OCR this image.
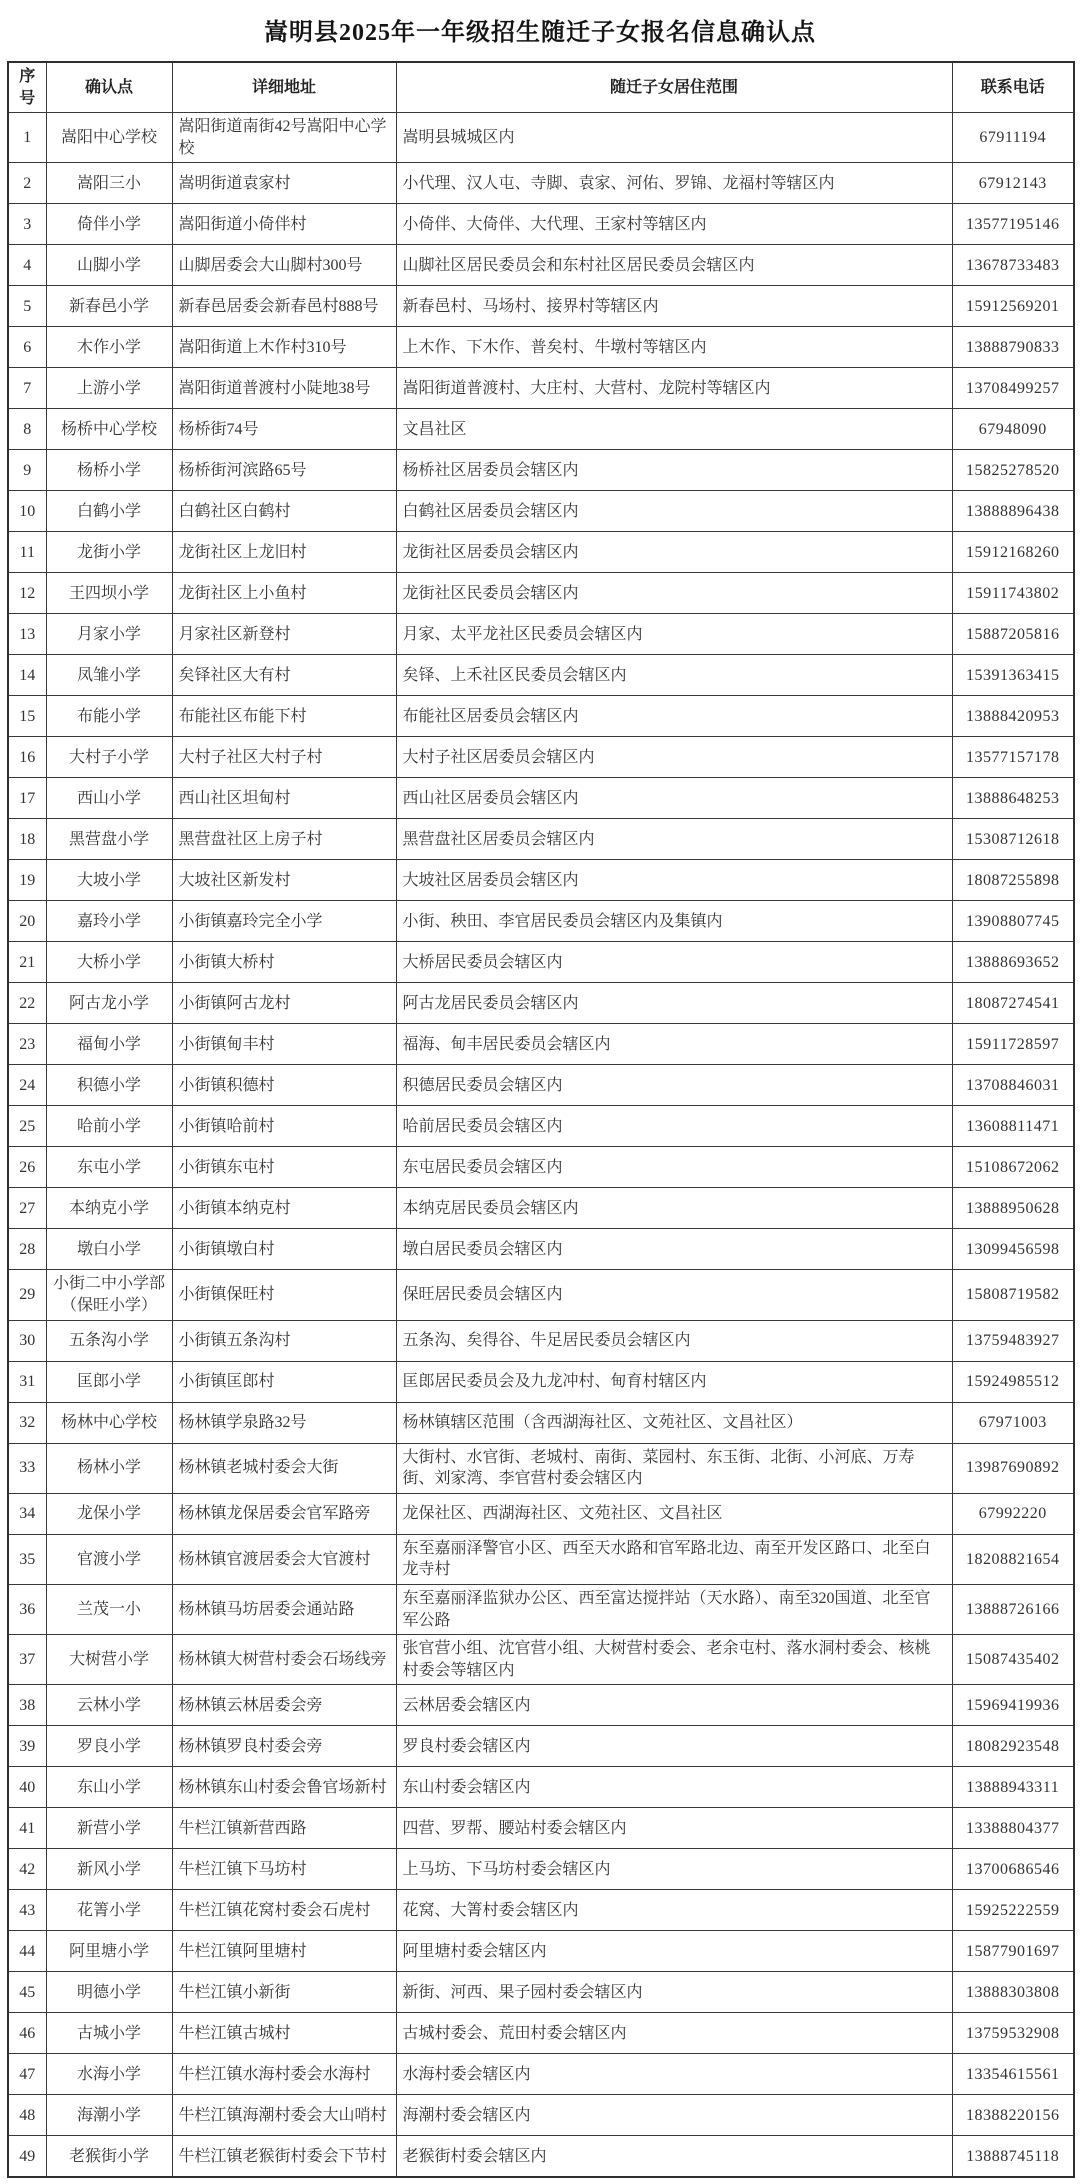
嵩明县2025年一年级招生随迁子女报名信息确认点
序号	确认点	详细地址	随迁子女居住范围	联系电话
1	嵩阳中心学校	嵩阳街道南街42号嵩阳中心学校	嵩明县城城区内	67911194
2	嵩阳三小	嵩明街道袁家村	小代理、汉人屯、寺脚、袁家、河佑、罗锦、龙福村等辖区内	67912143
3	倚伴小学	嵩阳街道小倚伴村	小倚伴、大倚伴、大代理、王家村等辖区内	13577195146
4	山脚小学	山脚居委会大山脚村300号	山脚社区居民委员会和东村社区居民委员会辖区内	13678733483
5	新春邑小学	新春邑居委会新春邑村888号	新春邑村、马场村、接界村等辖区内	15912569201
6	木作小学	嵩阳街道上木作村310号	上木作、下木作、普矣村、牛墩村等辖区内	13888790833
7	上游小学	嵩阳街道普渡村小陡地38号	嵩阳街道普渡村、大庄村、大营村、龙院村等辖区内	13708499257
8	杨桥中心学校	杨桥街74号	文昌社区	67948090
9	杨桥小学	杨桥街河滨路65号	杨桥社区居委员会辖区内	15825278520
10	白鹤小学	白鹤社区白鹤村	白鹤社区居委员会辖区内	13888896438
11	龙街小学	龙街社区上龙旧村	龙街社区居委员会辖区内	15912168260
12	王四坝小学	龙街社区上小鱼村	龙街社区民委员会辖区内	15911743802
13	月家小学	月家社区新登村	月家、太平龙社区民委员会辖区内	15887205816
14	凤雏小学	矣铎社区大有村	矣铎、上禾社区民委员会辖区内	15391363415
15	布能小学	布能社区布能下村	布能社区居委员会辖区内	13888420953
16	大村子小学	大村子社区大村子村	大村子社区居委员会辖区内	13577157178
17	西山小学	西山社区坦甸村	西山社区居委员会辖区内	13888648253
18	黑营盘小学	黑营盘社区上房子村	黑营盘社区居委员会辖区内	15308712618
19	大坡小学	大坡社区新发村	大坡社区居委员会辖区内	18087255898
20	嘉玲小学	小街镇嘉玲完全小学	小街、秧田、李官居民委员会辖区内及集镇内	13908807745
21	大桥小学	小街镇大桥村	大桥居民委员会辖区内	13888693652
22	阿古龙小学	小街镇阿古龙村	阿古龙居民委员会辖区内	18087274541
23	福甸小学	小街镇甸丰村	福海、甸丰居民委员会辖区内	15911728597
24	积德小学	小街镇积德村	积德居民委员会辖区内	13708846031
25	哈前小学	小街镇哈前村	哈前居民委员会辖区内	13608811471
26	东屯小学	小街镇东屯村	东屯居民委员会辖区内	15108672062
27	本纳克小学	小街镇本纳克村	本纳克居民委员会辖区内	13888950628
28	墩白小学	小街镇墩白村	墩白居民委员会辖区内	13099456598
29	小街二中小学部（保旺小学）	小街镇保旺村	保旺居民委员会辖区内	15808719582
30	五条沟小学	小街镇五条沟村	五条沟、矣得谷、牛足居民委员会辖区内	13759483927
31	匡郎小学	小街镇匡郎村	匡郎居民委员会及九龙冲村、甸育村辖区内	15924985512
32	杨林中心学校	杨林镇学泉路32号	杨林镇辖区范围（含西湖海社区、文苑社区、文昌社区）	67971003
33	杨林小学	杨林镇老城村委会大街	大街村、水官街、老城村、南街、菜园村、东玉街、北街、小河底、万寿街、刘家湾、李官营村委会辖区内	13987690892
34	龙保小学	杨林镇龙保居委会官军路旁	龙保社区、西湖海社区、文苑社区、文昌社区	67992220
35	官渡小学	杨林镇官渡居委会大官渡村	东至嘉丽泽警官小区、西至天水路和官军路北边、南至开发区路口、北至白龙寺村	18208821654
36	兰茂一小	杨林镇马坊居委会通站路	东至嘉丽泽监狱办公区、西至富达搅拌站（天水路）、南至320国道、北至官军公路	13888726166
37	大树营小学	杨林镇大树营村委会石场线旁	张官营小组、沈官营小组、大树营村委会、老余屯村、落水洞村委会、核桃村委会等辖区内	15087435402
38	云林小学	杨林镇云林居委会旁	云林居委会辖区内	15969419936
39	罗良小学	杨林镇罗良村委会旁	罗良村委会辖区内	18082923548
40	东山小学	杨林镇东山村委会鲁官场新村	东山村委会辖区内	13888943311
41	新营小学	牛栏江镇新营西路	四营、罗帮、腰站村委会辖区内	13388804377
42	新风小学	牛栏江镇下马坊村	上马坊、下马坊村委会辖区内	13700686546
43	花箐小学	牛栏江镇花窝村委会石虎村	花窝、大箐村委会辖区内	15925222559
44	阿里塘小学	牛栏江镇阿里塘村	阿里塘村委会辖区内	15877901697
45	明德小学	牛栏江镇小新街	新街、河西、果子园村委会辖区内	13888303808
46	古城小学	牛栏江镇古城村	古城村委会、荒田村委会辖区内	13759532908
47	水海小学	牛栏江镇水海村委会水海村	水海村委会辖区内	13354615561
48	海潮小学	牛栏江镇海潮村委会大山哨村	海潮村委会辖区内	18388220156
49	老猴街小学	牛栏江镇老猴街村委会下节村	老猴街村委会辖区内	13888745118
